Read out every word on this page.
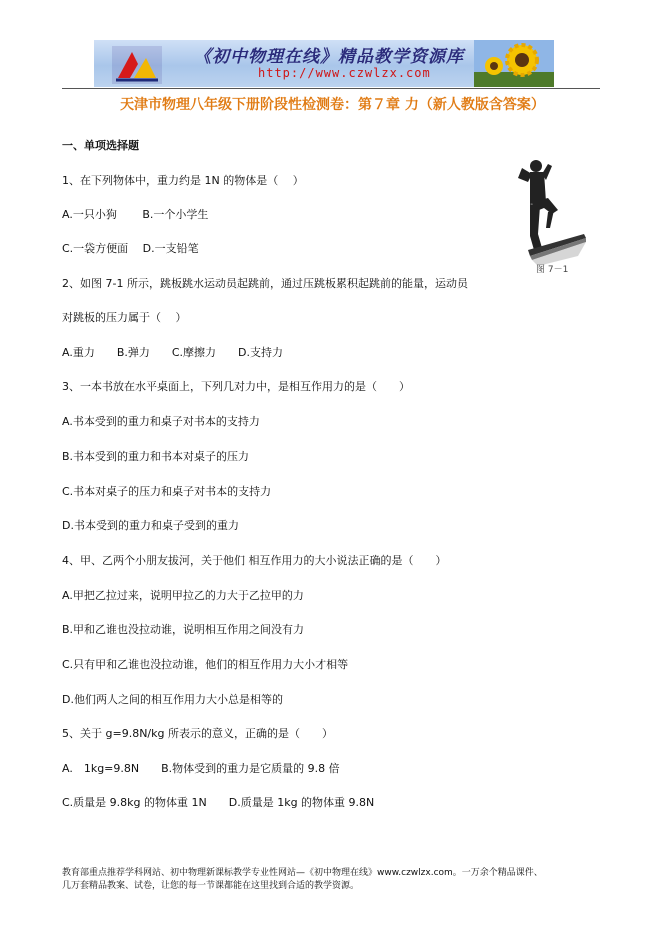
《初中物理在线》精品教学资源库
http://www.czwlzx.com
天津市物理八年级下册阶段性检测卷：第７章 力（新人教版含答案）
一、单项选择题
1、在下列物体中，重力约是 1N 的物体是（　 ）
A.一只小狗　　 B.一个小学生
C.一袋方便面　 D.一支铅笔
2、如图 7-1 所示，跳板跳水运动员起跳前，通过压跳板累积起跳前的能量，运动员
对跳板的压力属于（　 ）
A.重力　　B.弹力　　C.摩擦力　　D.支持力
3、一本书放在水平桌面上，下列几对力中，是相互作用力的是（　　）
A.书本受到的重力和桌子对书本的支持力
B.书本受到的重力和书本对桌子的压力
C.书本对桌子的压力和桌子对书本的支持力
D.书本受到的重力和桌子受到的重力
4、甲、乙两个小朋友拔河，关于他们 相互作用力的大小说法正确的是（　　）
A.甲把乙拉过来，说明甲拉乙的力大于乙拉甲的力
B.甲和乙谁也没拉动谁，说明相互作用之间没有力
C.只有甲和乙谁也没拉动谁，他们的相互作用力大小才相等
D.他们两人之间的相互作用力大小总是相等的
5、关于 g=9.8N/kg 所表示的意义，正确的是（　　）
A.　1kg=9.8N　　B.物体受到的重力是它质量的 9.8 倍
C.质量是 9.8kg 的物体重 1N　　D.质量是 1kg 的物体重 9.8N
图 7－1
教育部重点推荐学科网站、初中物理新课标教学专业性网站—《初中物理在线》www.czwlzx.com。一万余个精品课件、
几万套精品教案、试卷，让您的每一节课都能在这里找到合适的教学资源。
